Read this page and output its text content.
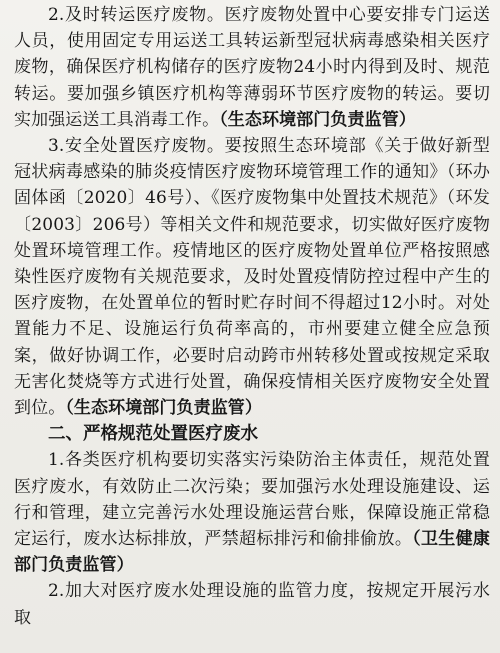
2.及时转运医疗废物。医疗废物处置中心要安排专门运送人员，使用固定专用运送工具转运新型冠状病毒感染相关医疗废物，确保医疗机构储存的医疗废物24小时内得到及时、规范转运。要加强乡镇医疗机构等薄弱环节医疗废物的转运。要切实加强运送工具消毒工作。（生态环境部门负责监管）

3.安全处置医疗废物。要按照生态环境部《关于做好新型冠状病毒感染的肺炎疫情医疗废物环境管理工作的通知》（环办固体函〔2020〕46号）、《医疗废物集中处置技术规范》（环发〔2003〕206号）等相关文件和规范要求，切实做好医疗废物处置环境管理工作。疫情地区的医疗废物处置单位严格按照感染性医疗废物有关规范要求，及时处置疫情防控过程中产生的医疗废物，在处置单位的暂时贮存时间不得超过12小时。对处置能力不足、设施运行负荷率高的，市州要建立健全应急预案，做好协调工作，必要时启动跨市州转移处置或按规定采取无害化焚烧等方式进行处置，确保疫情相关医疗废物安全处置到位。（生态环境部门负责监管）

二、严格规范处置医疗废水

1.各类医疗机构要切实落实污染防治主体责任，规范处置医疗废水，有效防止二次污染；要加强污水处理设施建设、运行和管理，建立完善污水处理设施运营台账，保障设施正常稳定运行，废水达标排放，严禁超标排污和偷排偷放。（卫生健康部门负责监管）

2.加大对医疗废水处理设施的监管力度，按规定开展污水取
